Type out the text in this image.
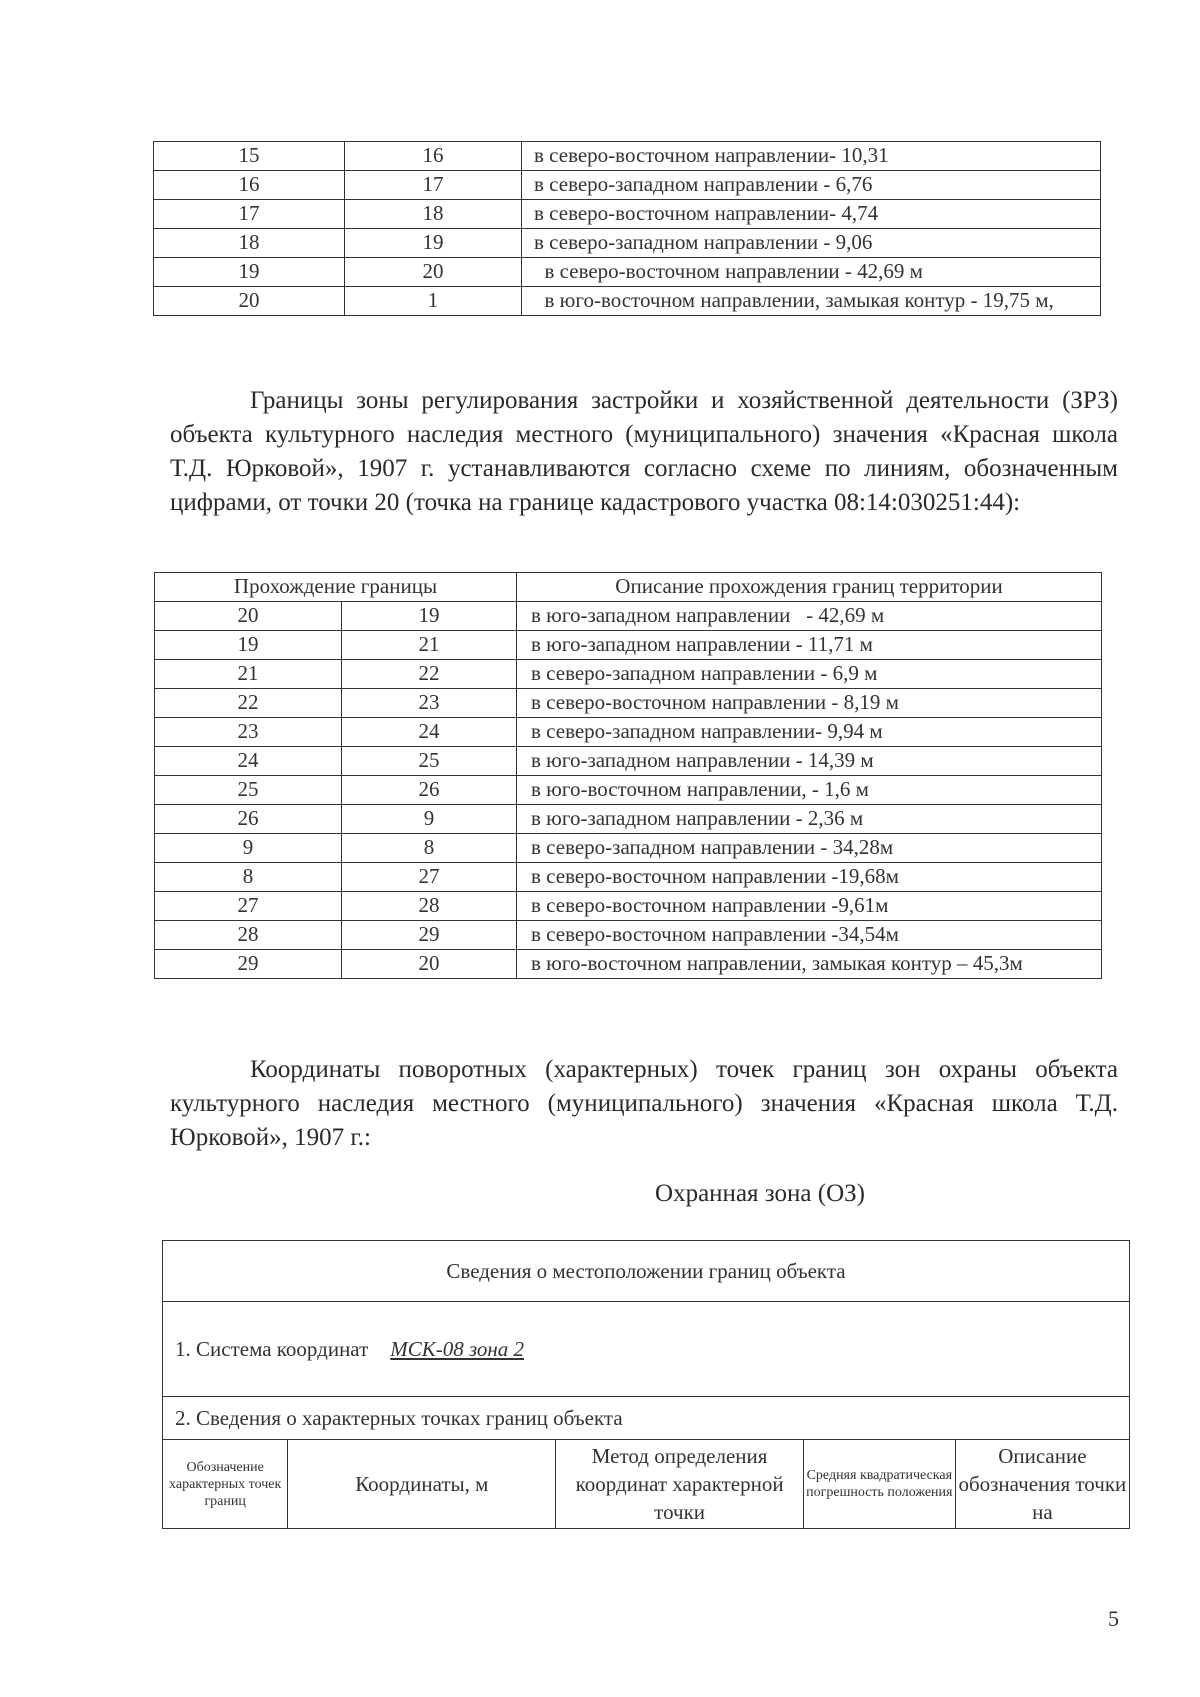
15	16	в северо-восточном направлении- 10,31
16	17	в северо-западном направлении - 6,76
17	18	в северо-восточном направлении- 4,74
18	19	в северо-западном направлении - 9,06
19	20	в северо-восточном направлении - 42,69 м
20	1	в юго-восточном направлении, замыкая контур - 19,75 м,
Границы зоны регулирования застройки и хозяйственной деятельности (ЗРЗ) объекта культурного наследия местного (муниципального) значения «Красная школа Т.Д. Юрковой», 1907 г. устанавливаются согласно схеме по линиям, обозначенным цифрами, от точки 20 (точка на границе кадастрового участка 08:14:030251:44):
Прохождение границы		Описание прохождения границ территории
20	19	в юго-западном направлении   - 42,69 м
19	21	в юго-западном направлении - 11,71 м
21	22	в северо-западном направлении - 6,9 м
22	23	в северо-восточном направлении - 8,19 м
23	24	в северо-западном направлении- 9,94 м
24	25	в юго-западном направлении - 14,39 м
25	26	в юго-восточном направлении, - 1,6 м
26	9	в юго-западном направлении - 2,36 м
9	8	в северо-западном направлении - 34,28м
8	27	в северо-восточном направлении -19,68м
27	28	в северо-восточном направлении -9,61м
28	29	в северо-восточном направлении -34,54м
29	20	в юго-восточном направлении, замыкая контур – 45,3м
Координаты поворотных (характерных) точек границ зон охраны объекта культурного наследия местного (муниципального) значения «Красная школа Т.Д. Юрковой», 1907 г.:
Охранная зона (ОЗ)
Сведения о местоположении границ объекта
1. Система координат МСК-08 зона 2
2. Сведения о характерных точках границ объекта
Обозначение характерных точек границ	Координаты, м	Метод определения координат характерной точки	Средняя квадратическая погрешность положения	Описание обозначения точки на
5
